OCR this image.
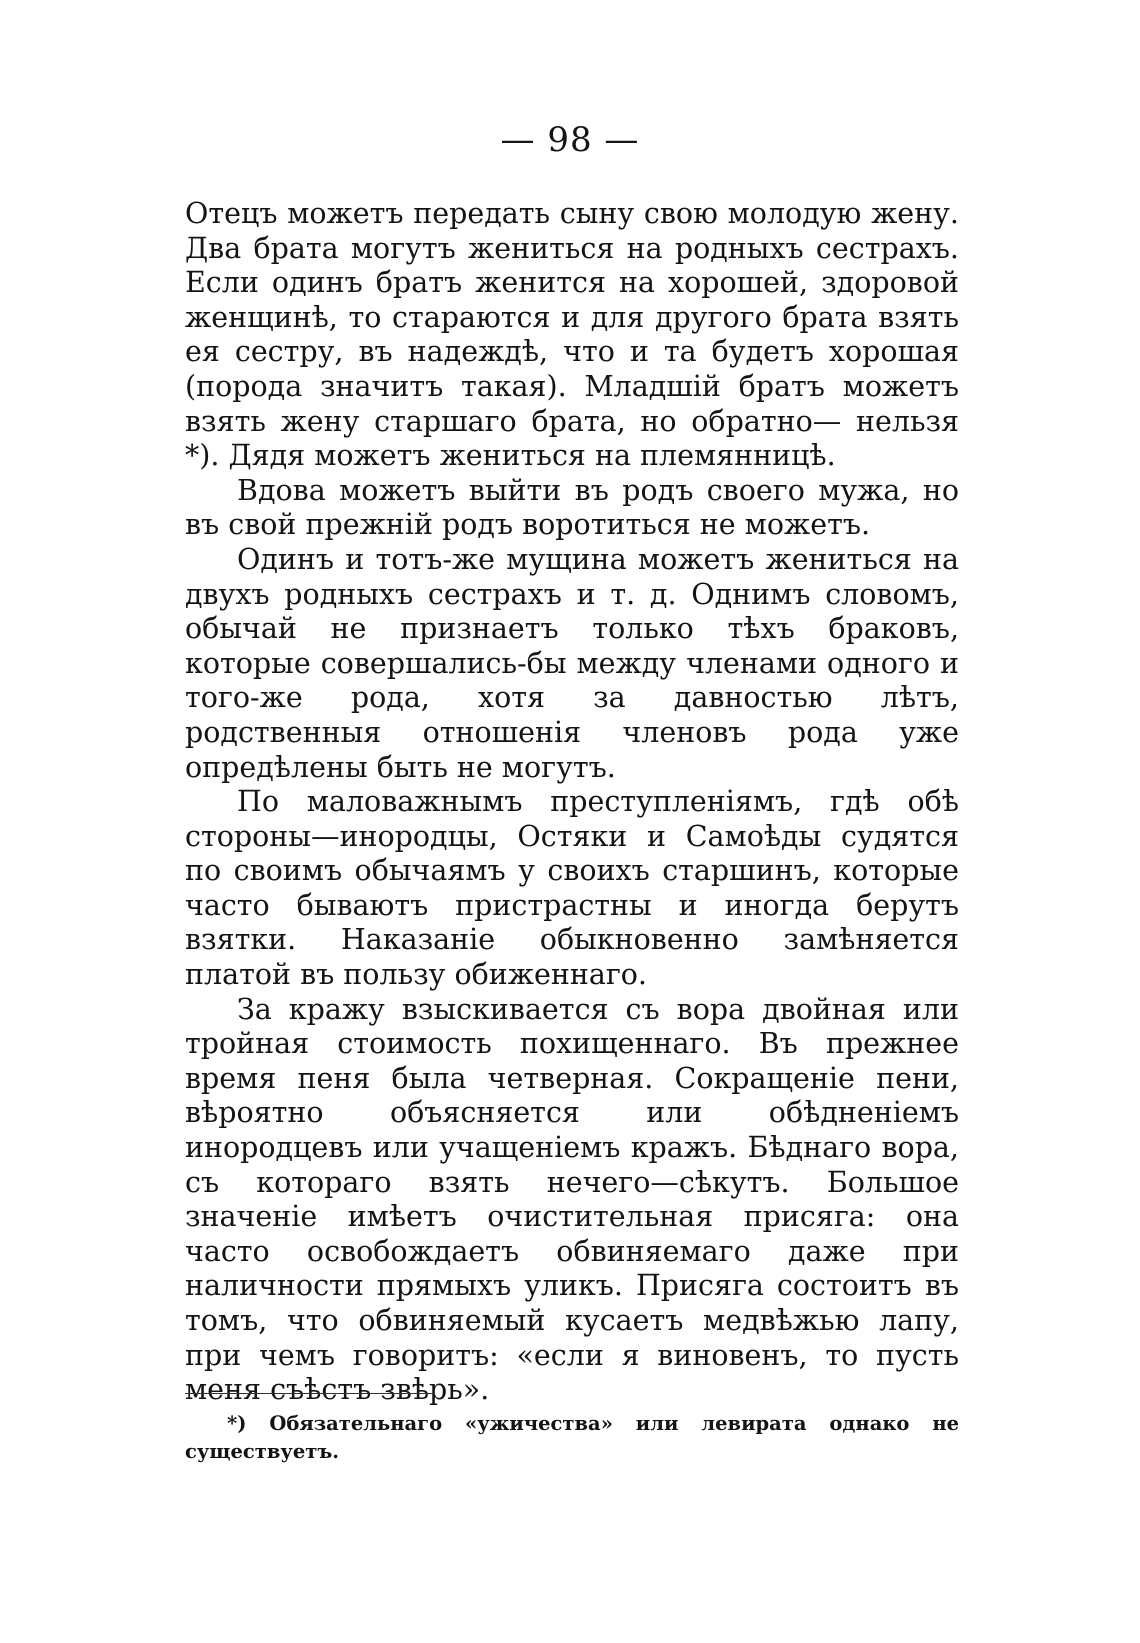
— 98 —

Отецъ можетъ передать сыну свою молодую жену. Два брата могутъ жениться на родныхъ сестрахъ. Если одинъ братъ женится на хорошей, здоровой женщинѣ, то стараются и для другого брата взять ея сестру, въ надеждѣ, что и та будетъ хорошая (порода значитъ такая). Младшій братъ можетъ взять жену старшаго брата, но обратно— нельзя *). Дядя можетъ жениться на племянницѣ.

Вдова можетъ выйти въ родъ своего мужа, но въ свой прежній родъ воротиться не можетъ.

Одинъ и тотъ-же мущина можетъ жениться на двухъ родныхъ сестрахъ и т. д. Однимъ словомъ, обычай не признаетъ только тѣхъ браковъ, которые совершались-бы между членами одного и того-же рода, хотя за давностью лѣтъ, родственныя отношенія членовъ рода уже опредѣлены быть не могутъ.

По маловажнымъ преступленіямъ, гдѣ обѣ стороны—инородцы, Остяки и Самоѣды судятся по своимъ обычаямъ у своихъ старшинъ, которые часто бываютъ пристрастны и иногда берутъ взятки. Наказаніе обыкновенно замѣняется платой въ пользу обиженнаго.

За кражу взыскивается съ вора двойная или тройная стоимость похищеннаго. Въ прежнее время пеня была четверная. Сокращеніе пени, вѣроятно объясняется или обѣдненіемъ инородцевъ или учащеніемъ кражъ. Бѣднаго вора, съ котораго взять нечего—сѣкутъ. Большое значеніе имѣетъ очистительная присяга: она часто освобождаетъ обвиняемаго даже при наличности прямыхъ уликъ. Присяга состоитъ въ томъ, что обвиняемый кусаетъ медвѣжью лапу, при чемъ говоритъ: «если я виновенъ, то пусть меня съѣстъ звѣрь».

*) Обязательнаго «ужичества» или левирата однако не существуетъ.
